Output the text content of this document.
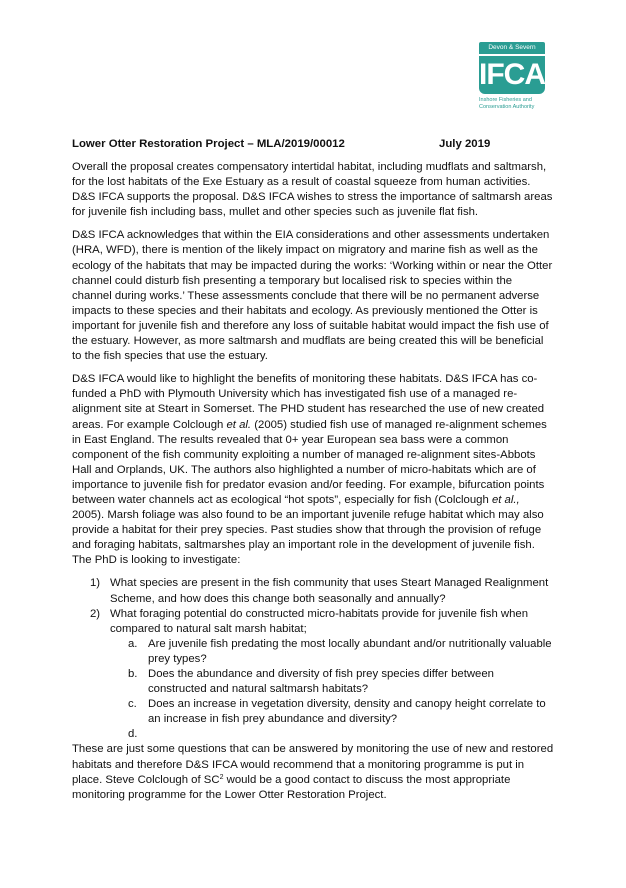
Devon & Severn
IFCA
Inshore Fisheries and
Conservation Authority
Lower Otter Restoration Project – MLA/2019/00012	July 2019

Overall the proposal creates compensatory intertidal habitat, including mudflats and saltmarsh, for the lost habitats of the Exe Estuary as a result of coastal squeeze from human activities. D&S IFCA supports the proposal. D&S IFCA wishes to stress the importance of saltmarsh areas for juvenile fish including bass, mullet and other species such as juvenile flat fish.

D&S IFCA acknowledges that within the EIA considerations and other assessments undertaken (HRA, WFD), there is mention of the likely impact on migratory and marine fish as well as the ecology of the habitats that may be impacted during the works: ‘Working within or near the Otter channel could disturb fish presenting a temporary but localised risk to species within the channel during works.’ These assessments conclude that there will be no permanent adverse impacts to these species and their habitats and ecology. As previously mentioned the Otter is important for juvenile fish and therefore any loss of suitable habitat would impact the fish use of the estuary. However, as more saltmarsh and mudflats are being created this will be beneficial to the fish species that use the estuary.

D&S IFCA would like to highlight the benefits of monitoring these habitats. D&S IFCA has co-funded a PhD with Plymouth University which has investigated fish use of a managed re-alignment site at Steart in Somerset. The PHD student has researched the use of new created areas. For example Colclough et al. (2005) studied fish use of managed re-alignment schemes in East England. The results revealed that 0+ year European sea bass were a common component of the fish community exploiting a number of managed re-alignment sites-Abbots Hall and Orplands, UK. The authors also highlighted a number of micro-habitats which are of importance to juvenile fish for predator evasion and/or feeding. For example, bifurcation points between water channels act as ecological “hot spots”, especially for fish (Colclough et al., 2005). Marsh foliage was also found to be an important juvenile refuge habitat which may also provide a habitat for their prey species. Past studies show that through the provision of refuge and foraging habitats, saltmarshes play an important role in the development of juvenile fish. The PhD is looking to investigate:

1) What species are present in the fish community that uses Steart Managed Realignment Scheme, and how does this change both seasonally and annually?
2) What foraging potential do constructed micro-habitats provide for juvenile fish when compared to natural salt marsh habitat;
a. Are juvenile fish predating the most locally abundant and/or nutritionally valuable prey types?
b. Does the abundance and diversity of fish prey species differ between constructed and natural saltmarsh habitats?
c. Does an increase in vegetation diversity, density and canopy height correlate to an increase in fish prey abundance and diversity?
d.

These are just some questions that can be answered by monitoring the use of new and restored habitats and therefore D&S IFCA would recommend that a monitoring programme is put in place. Steve Colclough of $SC^2$ would be a good contact to discuss the most appropriate monitoring programme for the Lower Otter Restoration Project.
